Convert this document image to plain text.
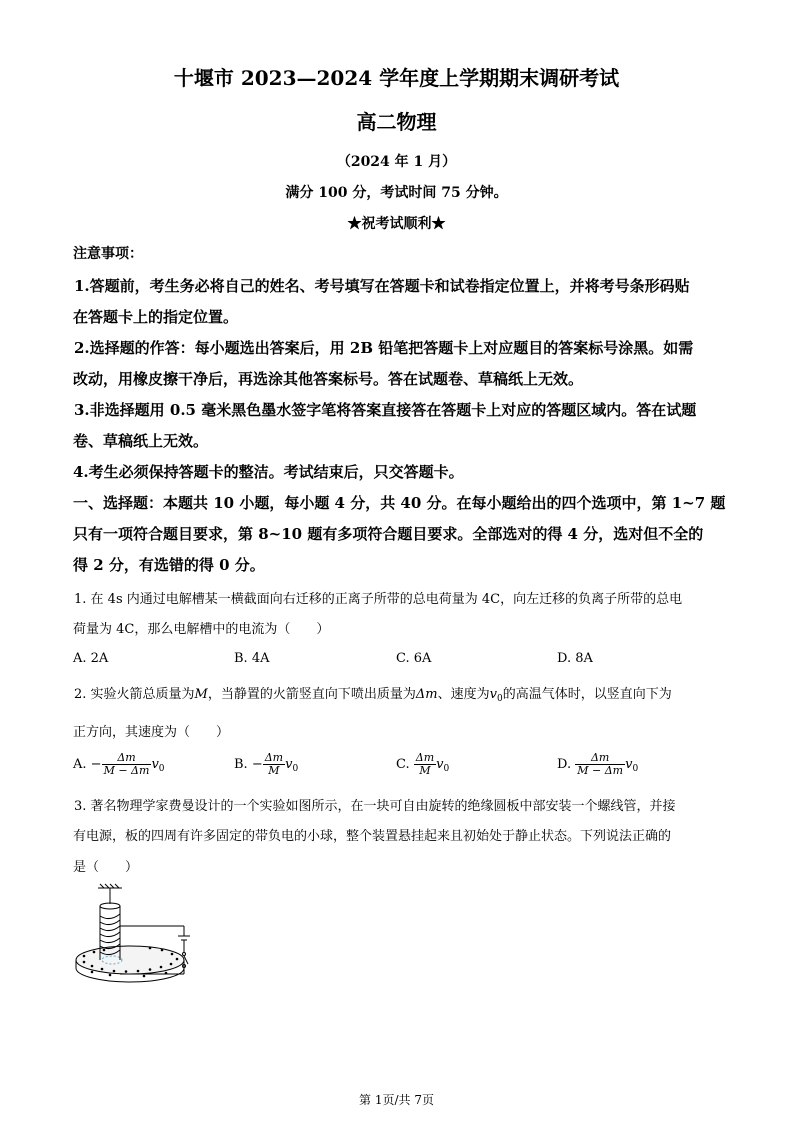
十堰市 2023—2024 学年度上学期期末调研考试
高二物理
（2024 年 1 月）
满分 100 分，考试时间 75 分钟。
★祝考试顺利★
注意事项：
1.答题前，考生务必将自己的姓名、考号填写在答题卡和试卷指定位置上，并将考号条形码贴
在答题卡上的指定位置。
2.选择题的作答：每小题选出答案后，用 2B 铅笔把答题卡上对应题目的答案标号涂黑。如需
改动，用橡皮擦干净后，再选涂其他答案标号。答在试题卷、草稿纸上无效。
3.非选择题用 0.5 毫米黑色墨水签字笔将答案直接答在答题卡上对应的答题区域内。答在试题
卷、草稿纸上无效。
4.考生必须保持答题卡的整洁。考试结束后，只交答题卡。
一、选择题：本题共 10 小题，每小题 4 分，共 40 分。在每小题给出的四个选项中，第 1~7 题
只有一项符合题目要求，第 8~10 题有多项符合题目要求。全部选对的得 4 分，选对但不全的
得 2 分，有选错的得 0 分。
1. 在 4s 内通过电解槽某一横截面向右迁移的正离子所带的总电荷量为 4C，向左迁移的负离子所带的总电
荷量为 4C，那么电解槽中的电流为（　　）
A. 2A	B. 4A	C. 6A	D. 8A
2. 实验火箭总质量为M，当静置的火箭竖直向下喷出质量为Δm、速度为$v_0$的高温气体时，以竖直向下为
正方向，其速度为（　　）
A. − $\frac{\Delta m}{M - \Delta m} v_0$	B. − $\frac{\Delta m}{M} v_0$	C. $\frac{\Delta m}{M} v_0$	D. $\frac{\Delta m}{M - \Delta m} v_0$
3. 著名物理学家费曼设计的一个实验如图所示，在一块可自由旋转的绝缘圆板中部安装一个螺线管，并接
有电源，板的四周有许多固定的带负电的小球，整个装置悬挂起来且初始处于静止状态。下列说法正确的
是（　　）
第 1页/共 7页
